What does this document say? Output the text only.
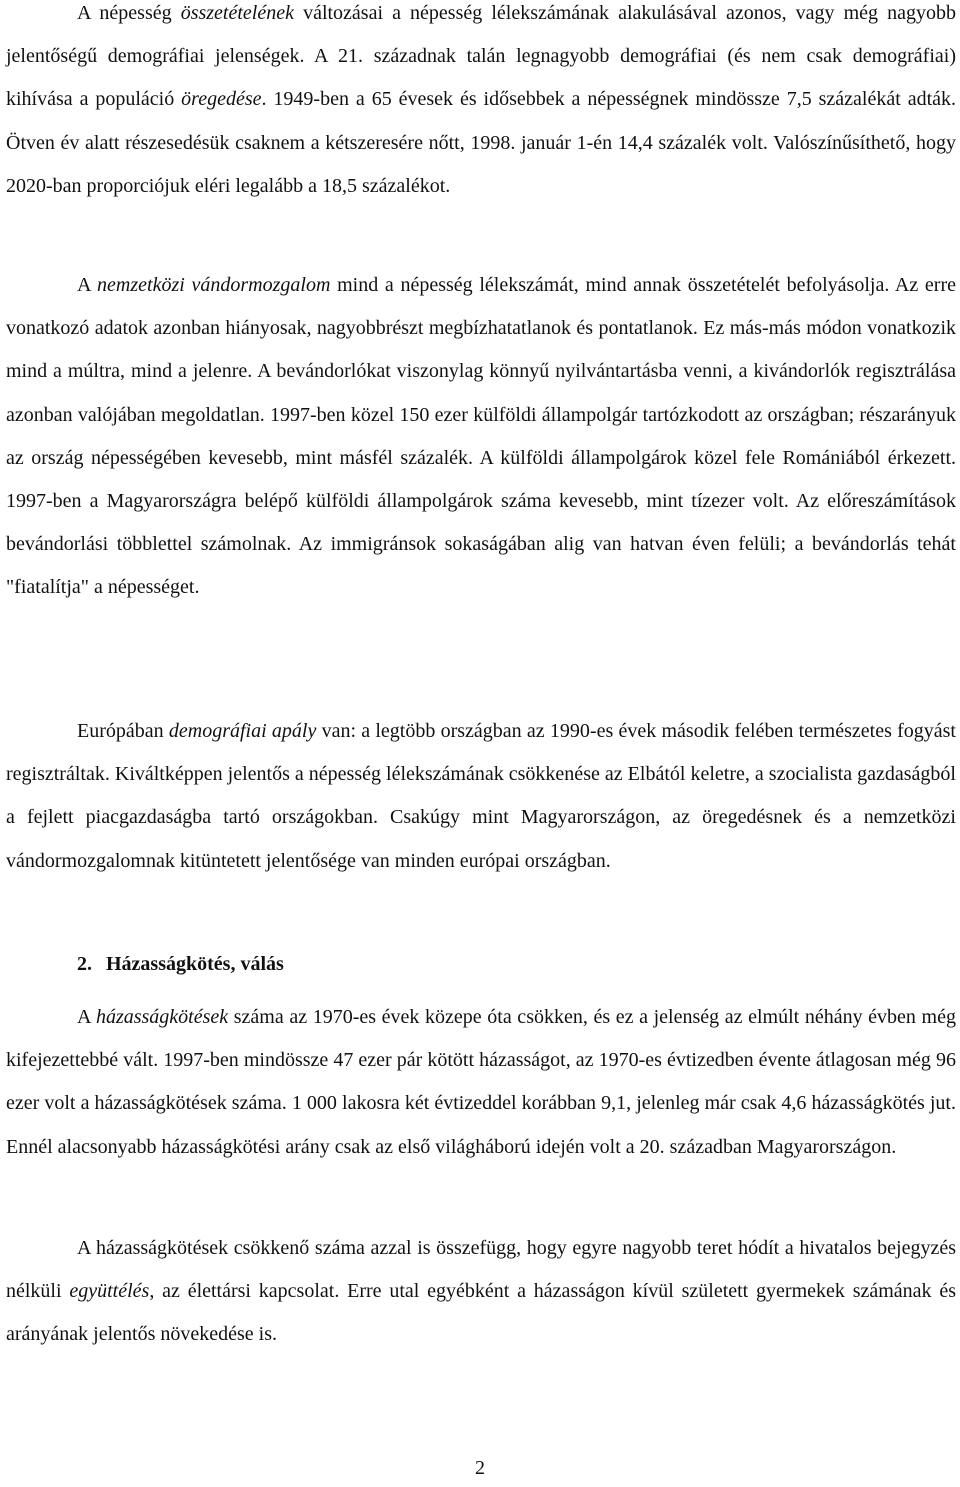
A népesség összetételének változásai a népesség lélekszámának alakulásával azonos, vagy még nagyobb jelentőségű demográfiai jelenségek. A 21. századnak talán legnagyobb demográfiai (és nem csak demográfiai) kihívása a populáció öregedése. 1949-ben a 65 évesek és idősebbek a népességnek mindössze 7,5 százalékát adták. Ötven év alatt részesedésük csaknem a kétszeresére nőtt, 1998. január 1-én 14,4 százalék volt. Valószínűsíthető, hogy 2020-ban proporciójuk eléri legalább a 18,5 százalékot.

A nemzetközi vándormozgalom mind a népesség lélekszámát, mind annak összetételét befolyásolja. Az erre vonatkozó adatok azonban hiányosak, nagyobbrészt megbízhatatlanok és pontatlanok. Ez más-más módon vonatkozik mind a múltra, mind a jelenre. A bevándorlókat viszonylag könnyű nyilvántartásba venni, a kivándorlók regisztrálása azonban valójában megoldatlan. 1997-ben közel 150 ezer külföldi állampolgár tartózkodott az országban; részarányuk az ország népességében kevesebb, mint másfél százalék. A külföldi állampolgárok közel fele Romániából érkezett. 1997-ben a Magyarországra belépő külföldi állampolgárok száma kevesebb, mint tízezer volt. Az előreszámítások bevándorlási többlettel számolnak. Az immigránsok sokaságában alig van hatvan éven felüli; a bevándorlás tehát "fiatalítja" a népességet.

Európában demográfiai apály van: a legtöbb országban az 1990-es évek második felében természetes fogyást regisztráltak. Kiváltképpen jelentős a népesség lélekszámának csökkenése az Elbától keletre, a szocialista gazdaságból a fejlett piacgazdaságba tartó országokban. Csakúgy mint Magyarországon, az öregedésnek és a nemzetközi vándormozgalomnak kitüntetett jelentősége van minden európai országban.

2. Házasságkötés, válás

A házasságkötések száma az 1970-es évek közepe óta csökken, és ez a jelenség az elmúlt néhány évben még kifejezettebbé vált. 1997-ben mindössze 47 ezer pár kötött házasságot, az 1970-es évtizedben évente átlagosan még 96 ezer volt a házasságkötések száma. 1 000 lakosra két évtizeddel korábban 9,1, jelenleg már csak 4,6 házasságkötés jut. Ennél alacsonyabb házasságkötési arány csak az első világháború idején volt a 20. században Magyarországon.

A házasságkötések csökkenő száma azzal is összefügg, hogy egyre nagyobb teret hódít a hivatalos bejegyzés nélküli együttélés, az élettársi kapcsolat. Erre utal egyébként a házasságon kívül született gyermekek számának és arányának jelentős növekedése is.

2
